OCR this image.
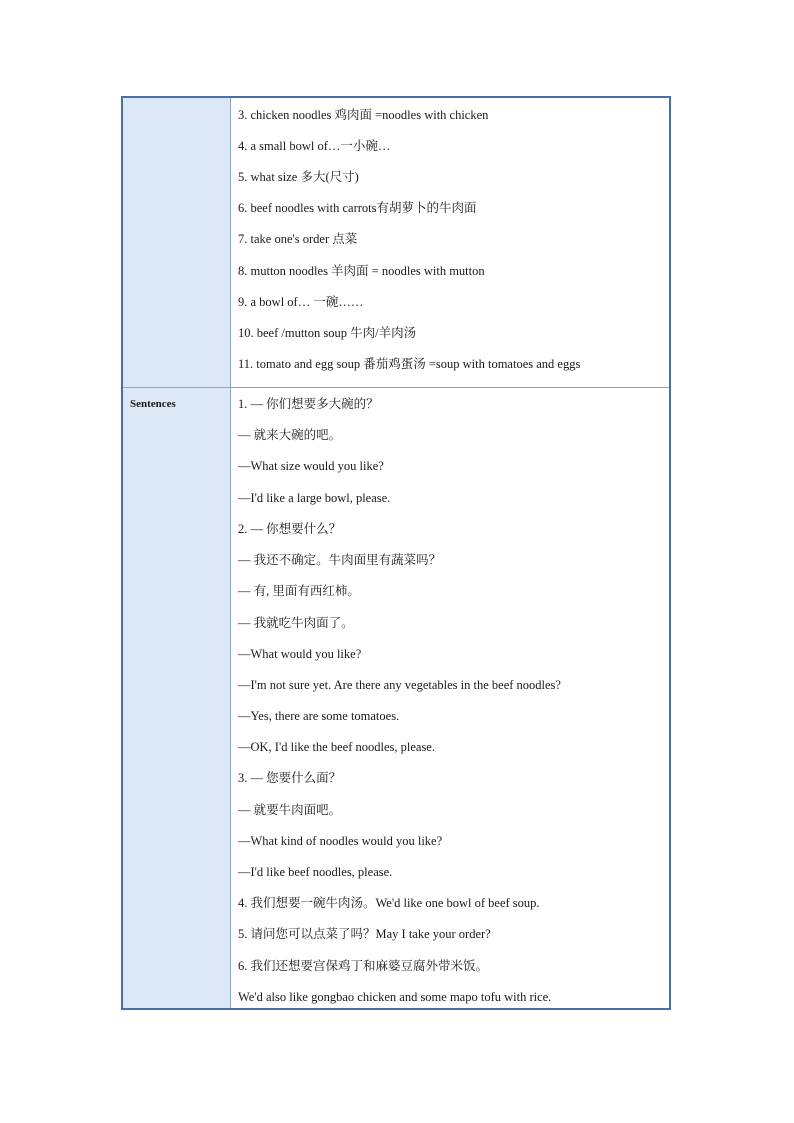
3. chicken noodles 鸡肉面 =noodles with chicken
4. a small bowl of…一小碗…
5. what size 多大(尺寸)
6. beef noodles with carrots有胡萝卜的牛肉面
7. take one's order 点菜
8. mutton noodles 羊肉面 = noodles with mutton
9. a bowl of… 一碗……
10. beef /mutton soup 牛肉/羊肉汤
11. tomato and egg soup 番茄鸡蛋汤 =soup with tomatoes and eggs
Sentences	1. — 你们想要多大碗的？
— 就来大碗的吧。
—What size would you like?
—I'd like a large bowl, please.
2. — 你想要什么？
— 我还不确定。牛肉面里有蔬菜吗？
— 有, 里面有西红柿。
— 我就吃牛肉面了。
—What would you like?
—I'm not sure yet. Are there any vegetables in the beef noodles?
—Yes, there are some tomatoes.
—OK, I'd like the beef noodles, please.
3. — 您要什么面？
— 就要牛肉面吧。
—What kind of noodles would you like?
—I'd like beef noodles, please.
4. 我们想要一碗牛肉汤。We'd like one bowl of beef soup.
5. 请问您可以点菜了吗？May I take your order?
6. 我们还想要宫保鸡丁和麻婆豆腐外带米饭。
We'd also like gongbao chicken and some mapo tofu with rice.
